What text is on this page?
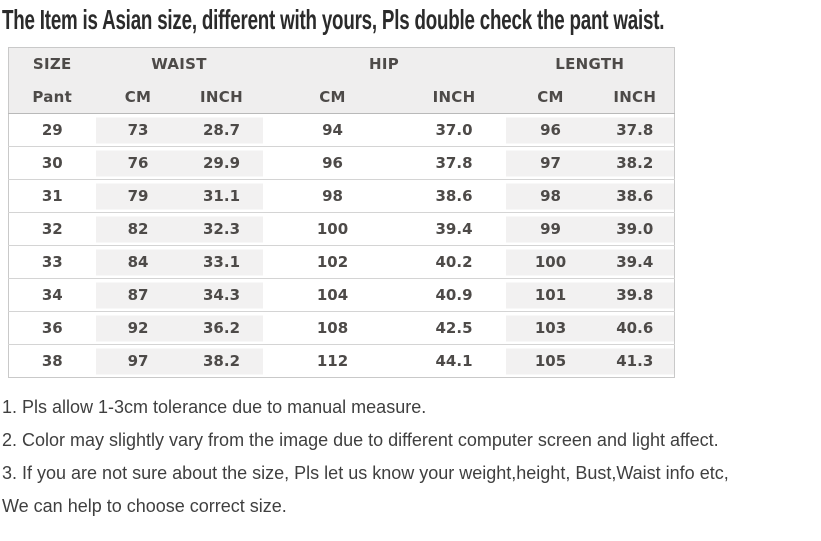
The Item is Asian size, different with yours, Pls double check the pant waist.
SIZE	WAIST		HIP		LENGTH	
Pant	CM	INCH	CM	INCH	CM	INCH
29	73	28.7	94	37.0	96	37.8
30	76	29.9	96	37.8	97	38.2
31	79	31.1	98	38.6	98	38.6
32	82	32.3	100	39.4	99	39.0
33	84	33.1	102	40.2	100	39.4
34	87	34.3	104	40.9	101	39.8
36	92	36.2	108	42.5	103	40.6
38	97	38.2	112	44.1	105	41.3
1. Pls allow 1-3cm tolerance due to manual measure.
2. Color may slightly vary from the image due to different computer screen and light affect.
3. If you are not sure about the size, Pls let us know your weight,height, Bust,Waist info etc,
We can help to choose correct size.
